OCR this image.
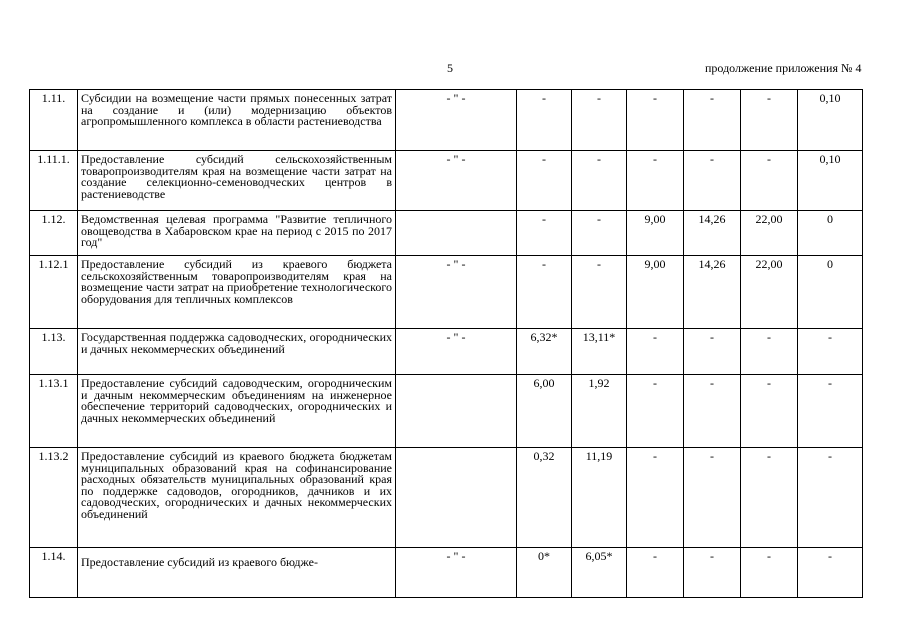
5	продолжение приложения № 4
1.11.	Субсидии на возмещение части прямых понесенных затрат на создание и (или) модернизацию объектов агропромышленного комплекса в области растениеводства	- " -	-	-	-	-	-	0,10
1.11.1.	Предоставление субсидий сельскохозяйственным товаропроизводителям края на возмещение части затрат на создание селекционно-семеноводческих центров в растениеводстве	- " -	-	-	-	-	-	0,10
1.12.	Ведомственная целевая программа "Развитие тепличного овощеводства в Хабаровском крае на период с 2015 по 2017 год"		-	-	9,00	14,26	22,00	0
1.12.1	Предоставление субсидий из краевого бюджета сельскохозяйственным товаропроизводителям края на возмещение части затрат на приобретение технологического оборудования для тепличных комплексов	- " -	-	-	9,00	14,26	22,00	0
1.13.	Государственная поддержка садоводческих, огороднических и дачных некоммерческих объединений	- " -	6,32*	13,11*	-	-	-	-
1.13.1	Предоставление субсидий садоводческим, огородническим и дачным некоммерческим объединениям на инженерное обеспечение территорий садоводческих, огороднических и дачных некоммерческих объединений		6,00	1,92	-	-	-	-
1.13.2	Предоставление субсидий из краевого бюджета бюджетам муниципальных образований края на софинансирование расходных обязательств муниципальных образований края по поддержке садоводов, огородников, дачников и их садоводческих, огороднических и дачных некоммерческих объединений		0,32	11,19	-	-	-	-
1.14.	Предоставление субсидий из краевого бюдже-	- " -	0*	6,05*	-	-	-	-
